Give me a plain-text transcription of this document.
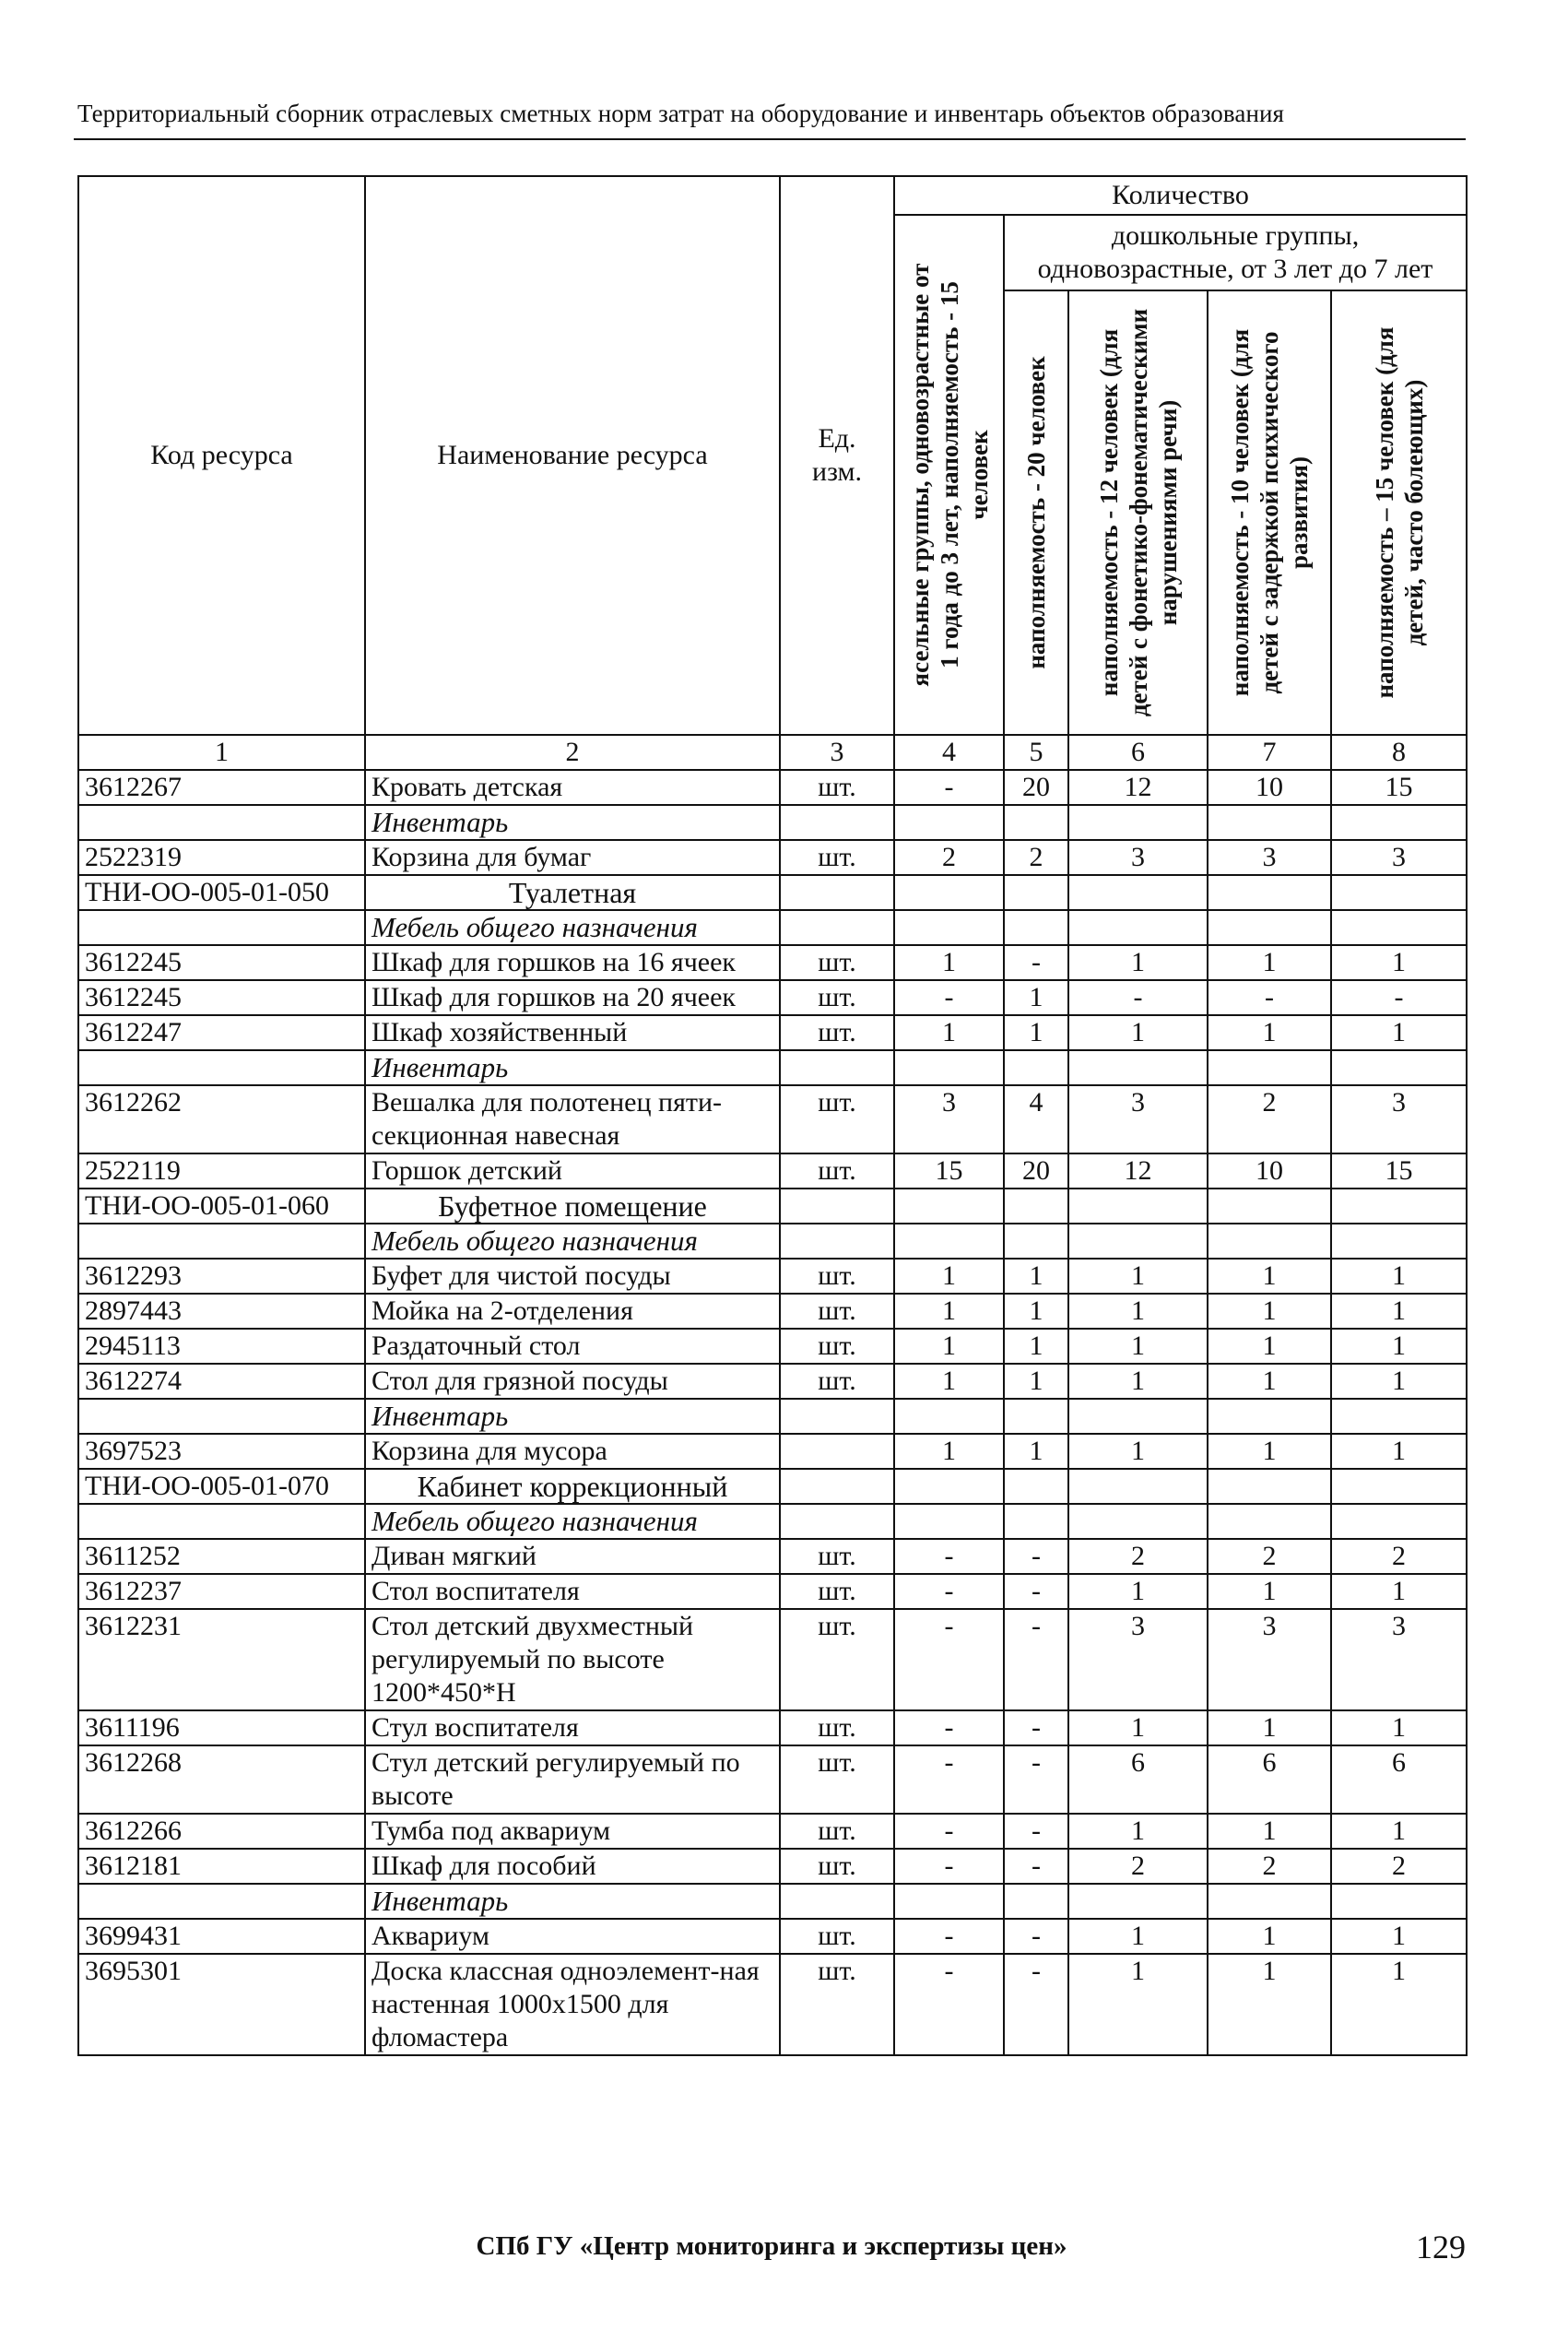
Территориальный сборник отраслевых сметных норм затрат на оборудование и инвентарь объектов образования
Код ресурса	Наименование ресурса	Ед. изм.	Количество				

			ясельные группы, одновозрастные от 1 года до 3 лет, наполняемость - 15 человек	дошкольные группы, одновозрастные, от 3 лет до 7 лет			

				наполняемость - 20 человек	наполняемость - 12 человек (для детей с фонетико-фонематическими нарушениями речи)	наполняемость - 10 человек (для детей с задержкой психического развития)	наполняемость – 15 человек (для детей, часто болеющих)

1	2	3	4	5	6	7	8
3612267	Кровать детская	шт.	-	20	12	10	15
	Инвентарь						
2522319	Корзина для бумаг	шт.	2	2	3	3	3
ТНИ-ОО-005-01-050	Туалетная						
	Мебель общего назначения						
3612245	Шкаф для горшков на 16 ячеек	шт.	1	-	1	1	1
3612245	Шкаф для горшков на 20 ячеек	шт.	-	1	-	-	-
3612247	Шкаф хозяйственный	шт.	1	1	1	1	1
	Инвентарь						
3612262	Вешалка для полотенец пяти-секционная навесная	шт.	3	4	3	2	3
2522119	Горшок детский	шт.	15	20	12	10	15
ТНИ-ОО-005-01-060	Буфетное помещение						
	Мебель общего назначения						
3612293	Буфет для чистой посуды	шт.	1	1	1	1	1
2897443	Мойка на 2-отделения	шт.	1	1	1	1	1
2945113	Раздаточный стол	шт.	1	1	1	1	1
3612274	Стол для грязной посуды	шт.	1	1	1	1	1
	Инвентарь						
3697523	Корзина для мусора		1	1	1	1	1
ТНИ-ОО-005-01-070	Кабинет коррекционный						
	Мебель общего назначения						
3611252	Диван мягкий	шт.	-	-	2	2	2
3612237	Стол воспитателя	шт.	-	-	1	1	1
3612231	Стол детский двухместный регулируемый по высоте 1200*450*Н	шт.	-	-	3	3	3
3611196	Стул воспитателя	шт.	-	-	1	1	1
3612268	Стул детский регулируемый по высоте	шт.	-	-	6	6	6
3612266	Тумба под аквариум	шт.	-	-	1	1	1
3612181	Шкаф для пособий	шт.	-	-	2	2	2
	Инвентарь						
3699431	Аквариум	шт.	-	-	1	1	1
3695301	Доска классная одноэлемент-ная настенная 1000х1500 для фломастера	шт.	-	-	1	1	1
СПб ГУ «Центр мониторинга и экспертизы цен»	129
